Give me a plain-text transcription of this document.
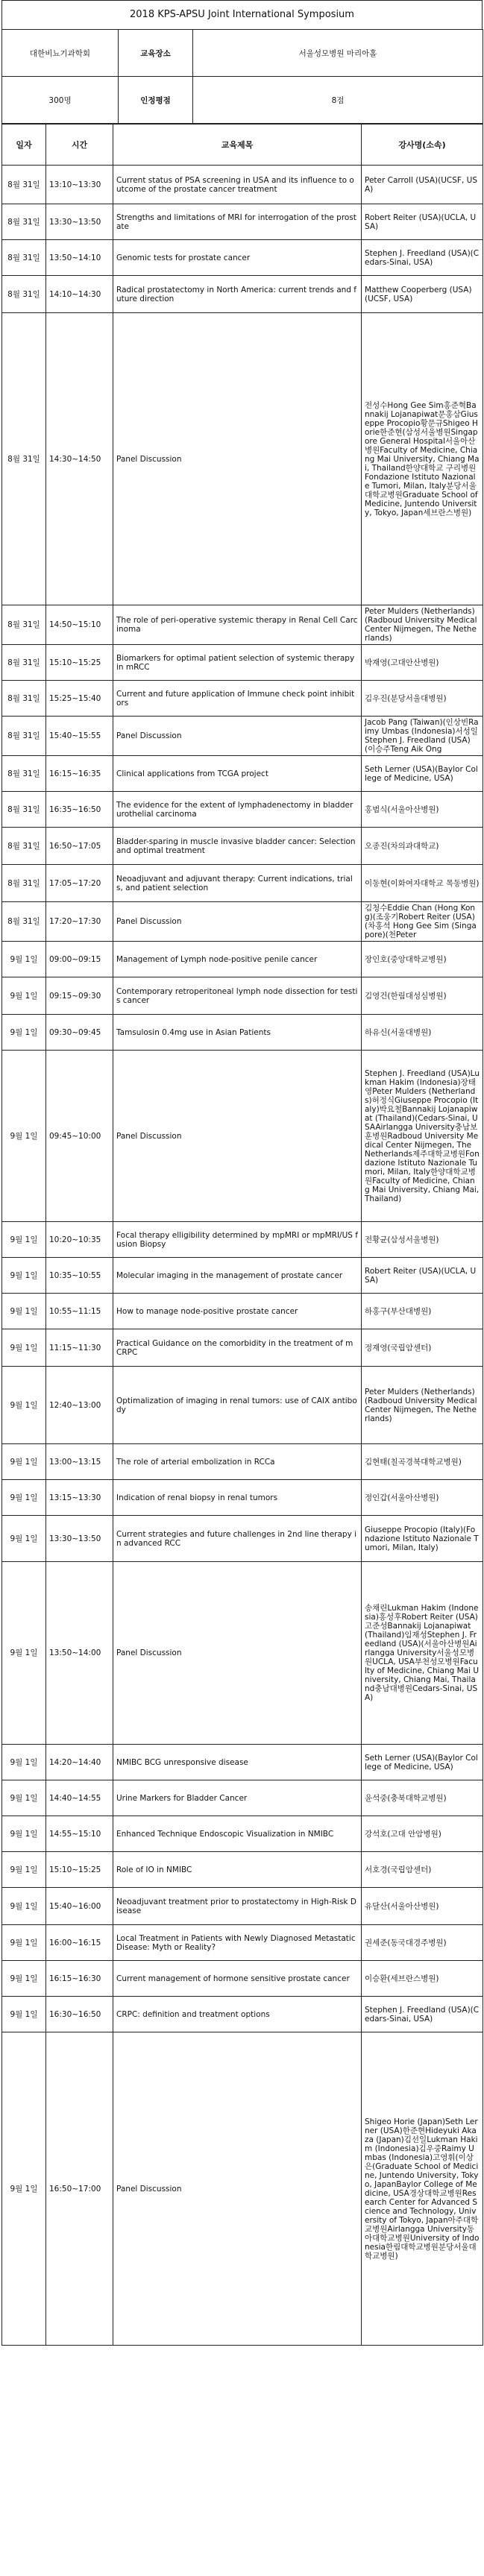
2018 KPS-APSU Joint International Symposium
대한비뇨기과학회	교육장소	서울성모병원 마리아홀
300명	인정평점	8점
일자	시간	교육제목	강사명(소속)
8월 31일	13:10~13:30	Current status of PSA screening in USA and its influence to outcome of the prostate cancer treatment	Peter Carroll (USA)(UCSF, USA)
8월 31일	13:30~13:50	Strengths and limitations of MRI for interrogation of the prostate	Robert Reiter (USA)(UCLA, USA)
8월 31일	13:50~14:10	Genomic tests for prostate cancer	Stephen J. Freedland (USA)(Cedars-Sinai, USA)
8월 31일	14:10~14:30	Radical prostatectomy in North America: current trends and future direction	Matthew Cooperberg (USA)(UCSF, USA)
8월 31일	14:30~14:50	Panel Discussion	전성수Hong Gee Sim홍준혁Bannakij Lojanapiwat문홍삼Giuseppe Procopio황문규Shigeo Horie한준현(삼성서울병원Singapore General Hospital서울아산병원Faculty of Medicine, Chiang Mai University, Chiang Mai, Thailand한양대학교 구리병원Fondazione Istituto Nazionale Tumori, Milan, Italy분당서울대학교병원Graduate School of Medicine, Juntendo University, Tokyo, Japan세브란스병원)
8월 31일	14:50~15:10	The role of peri-operative systemic therapy in Renal Cell Carcinoma	Peter Mulders (Netherlands)(Radboud University Medical Center Nijmegen, The Netherlands)
8월 31일	15:10~15:25	Biomarkers for optimal patient selection of systemic therapy in mRCC	박재영(고대안산병원)
8월 31일	15:25~15:40	Current and future application of Immune check point inhibitors	김우진(분당서울대병원)
8월 31일	15:40~15:55	Panel Discussion	Jacob Pang (Taiwan)(인상빈Raimy Umbas (Indonesia)서성일Stephen J. Freedland (USA)(이승주Teng Aik Ong
8월 31일	16:15~16:35	Clinical applications from TCGA project	Seth Lerner (USA)(Baylor College of Medicine, USA)
8월 31일	16:35~16:50	The evidence for the extent of lymphadenectomy in bladder urothelial carcinoma	홍범식(서울아산병원)
8월 31일	16:50~17:05	Bladder-sparing in muscle invasive bladder cancer: Selection and optimal treatment	오종진(차의과대학교)
8월 31일	17:05~17:20	Neoadjuvant and adjuvant therapy: Current indications, trials, and patient selection	이동현(이화여자대학교 목동병원)
8월 31일	17:20~17:30	Panel Discussion	김청수Eddie Chan (Hong Kong)(조웅기Robert Reiter (USA)(차홍석 Hong Gee Sim (Singapore)(천Peter
9월 1일	09:00~09:15	Management of Lymph node-positive penile cancer	장인호(중앙대학교병원)
9월 1일	09:15~09:30	Contemporary retroperitoneal lymph node dissection for testis cancer	김영건(한림대성심병원)
9월 1일	09:30~09:45	Tamsulosin 0.4mg use in Asian Patients	하유신(서울대병원)
9월 1일	09:45~10:00	Panel Discussion	Stephen J. Freedland (USA)Lukman Hakim (Indonesia)장태영Peter Mulders (Netherlands)허정식Giuseppe Procopio (Italy)박요철Bannakij Lojanapiwat (Thailand)(Cedars-Sinai, USAAirlangga University충남보훈병원Radboud University Medical Center Nijmegen, The Netherlands제주대학교병원Fondazione Istituto Nazionale Tumori, Milan, Italy한양대학교병원Faculty of Medicine, Chiang Mai University, Chiang Mai, Thailand)
9월 1일	10:20~10:35	Focal therapy elligibility determined by mpMRI or mpMRI/US fusion Biopsy	전황균(삼성서울병원)
9월 1일	10:35~10:55	Molecular imaging in the management of prostate cancer	Robert Reiter (USA)(UCLA, USA)
9월 1일	10:55~11:15	How to manage node-positive prostate cancer	하홍구(부산대병원)
9월 1일	11:15~11:30	Practical Guidance on the comorbidity in the treatment of mCRPC	정재영(국립암센터)
9월 1일	12:40~13:00	Optimalization of imaging in renal tumors: use of CAIX antibody	Peter Mulders (Netherlands)(Radboud University Medical Center Nijmegen, The Netherlands)
9월 1일	13:00~13:15	The role of arterial embolization in RCCa	김현태(칠곡경북대학교병원)
9월 1일	13:15~13:30	Indication of renal biopsy in renal tumors	정인갑(서울아산병원)
9월 1일	13:30~13:50	Current strategies and future challenges in 2nd line therapy in advanced RCC	Giuseppe Procopio (Italy)(Fondazione Istituto Nazionale Tumori, Milan, Italy)
9월 1일	13:50~14:00	Panel Discussion	송채린Lukman Hakim (Indonesia)홍성후Robert Reiter (USA)고준성Bannakij Lojanapiwat (Thailand)임재성Stephen J. Freedland (USA)(서울아산병원Airlangga University서울성모병원UCLA, USA부천성모병원Faculty of Medicine, Chiang Mai University, Chiang Mai, Thailand충남대병원Cedars-Sinai, USA)
9월 1일	14:20~14:40	NMIBC BCG unresponsive disease	Seth Lerner (USA)(Baylor College of Medicine, USA)
9월 1일	14:40~14:55	Urine Markers for Bladder Cancer	윤석중(충북대학교병원)
9월 1일	14:55~15:10	Enhanced Technique Endoscopic Visualization in NMIBC	강석호(고대 안암병원)
9월 1일	15:10~15:25	Role of IO in NMIBC	서호경(국립암센터)
9월 1일	15:40~16:00	Neoadjuvant treatment prior to prostatectomy in High-Risk Disease	유달산(서울아산병원)
9월 1일	16:00~16:15	Local Treatment in Patients with Newly Diagnosed Metastatic Disease: Myth or Reality?	권세준(동국대경주병원)
9월 1일	16:15~16:30	Current management of hormone sensitive prostate cancer	이승환(세브란스병원)
9월 1일	16:30~16:50	CRPC: definition and treatment options	Stephen J. Freedland (USA)(Cedars-Sinai, USA)
9월 1일	16:50~17:00	Panel Discussion	Shigeo Horie (Japan)Seth Lerner (USA)한준현Hideyuki Akaza (Japan)김선일Lukman Hakim (Indonesia)김우중Raimy Umbas (Indonesia)고영휘(이상은(Graduate School of Medicine, Juntendo University, Tokyo, JapanBaylor College of Medicine, USA경상대학교병원Research Center for Advanced Science and Technology, University of Tokyo, Japan아주대학교병원Airlangga University동아대학교병원University of Indonesia한림대학교병원분당서울대학교병원)
